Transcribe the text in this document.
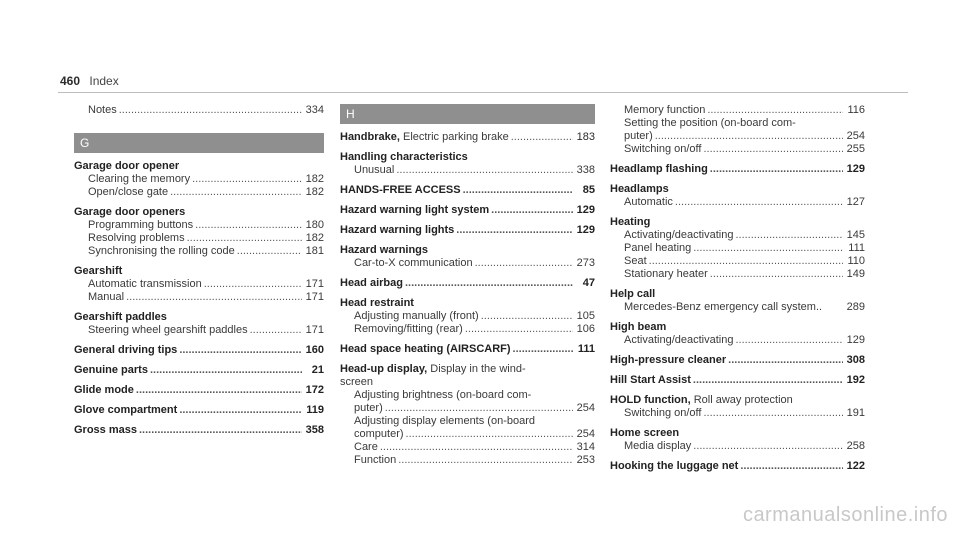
460 Index
Notes .....	334
G
Garage door opener
Clearing the memory .....	182
Open/close gate .....	182
Garage door openers
Programming buttons .....	180
Resolving problems .....	182
Synchronising the rolling code .....	181
Gearshift
Automatic transmission .....	171
Manual .....	171
Gearshift paddles
Steering wheel gearshift paddles .....	171
General driving tips .....	160
Genuine parts .....	21
Glide mode .....	172
Glove compartment .....	119
Gross mass .....	358
H
Handbrake, Electric parking brake .....	183
Handling characteristics
Unusual .....	338
HANDS-FREE ACCESS .....	85
Hazard warning light system .....	129
Hazard warning lights .....	129
Hazard warnings
Car-to-X communication .....	273
Head airbag .....	47
Head restraint
Adjusting manually (front) .....	105
Removing/fitting (rear) .....	106
Head space heating (AIRSCARF) .....	111
Head-up display, Display in the wind-
screen
Adjusting brightness (on-board com-
puter) .....	254
Adjusting display elements (on-board
computer) .....	254
Care .....	314
Function .....	253
Memory function .....	116
Setting the position (on-board com-
puter) .....	254
Switching on/off .....	255
Headlamp flashing .....	129
Headlamps
Automatic .....	127
Heating
Activating/deactivating .....	145
Panel heating .....	111
Seat .....	110
Stationary heater .....	149
Help call
Mercedes-Benz emergency call system.. 289
High beam
Activating/deactivating .....	129
High-pressure cleaner .....	308
Hill Start Assist .....	192
HOLD function, Roll away protection
Switching on/off .....	191
Home screen
Media display .....	258
Hooking the luggage net .....	122
carmanualsonline.info
